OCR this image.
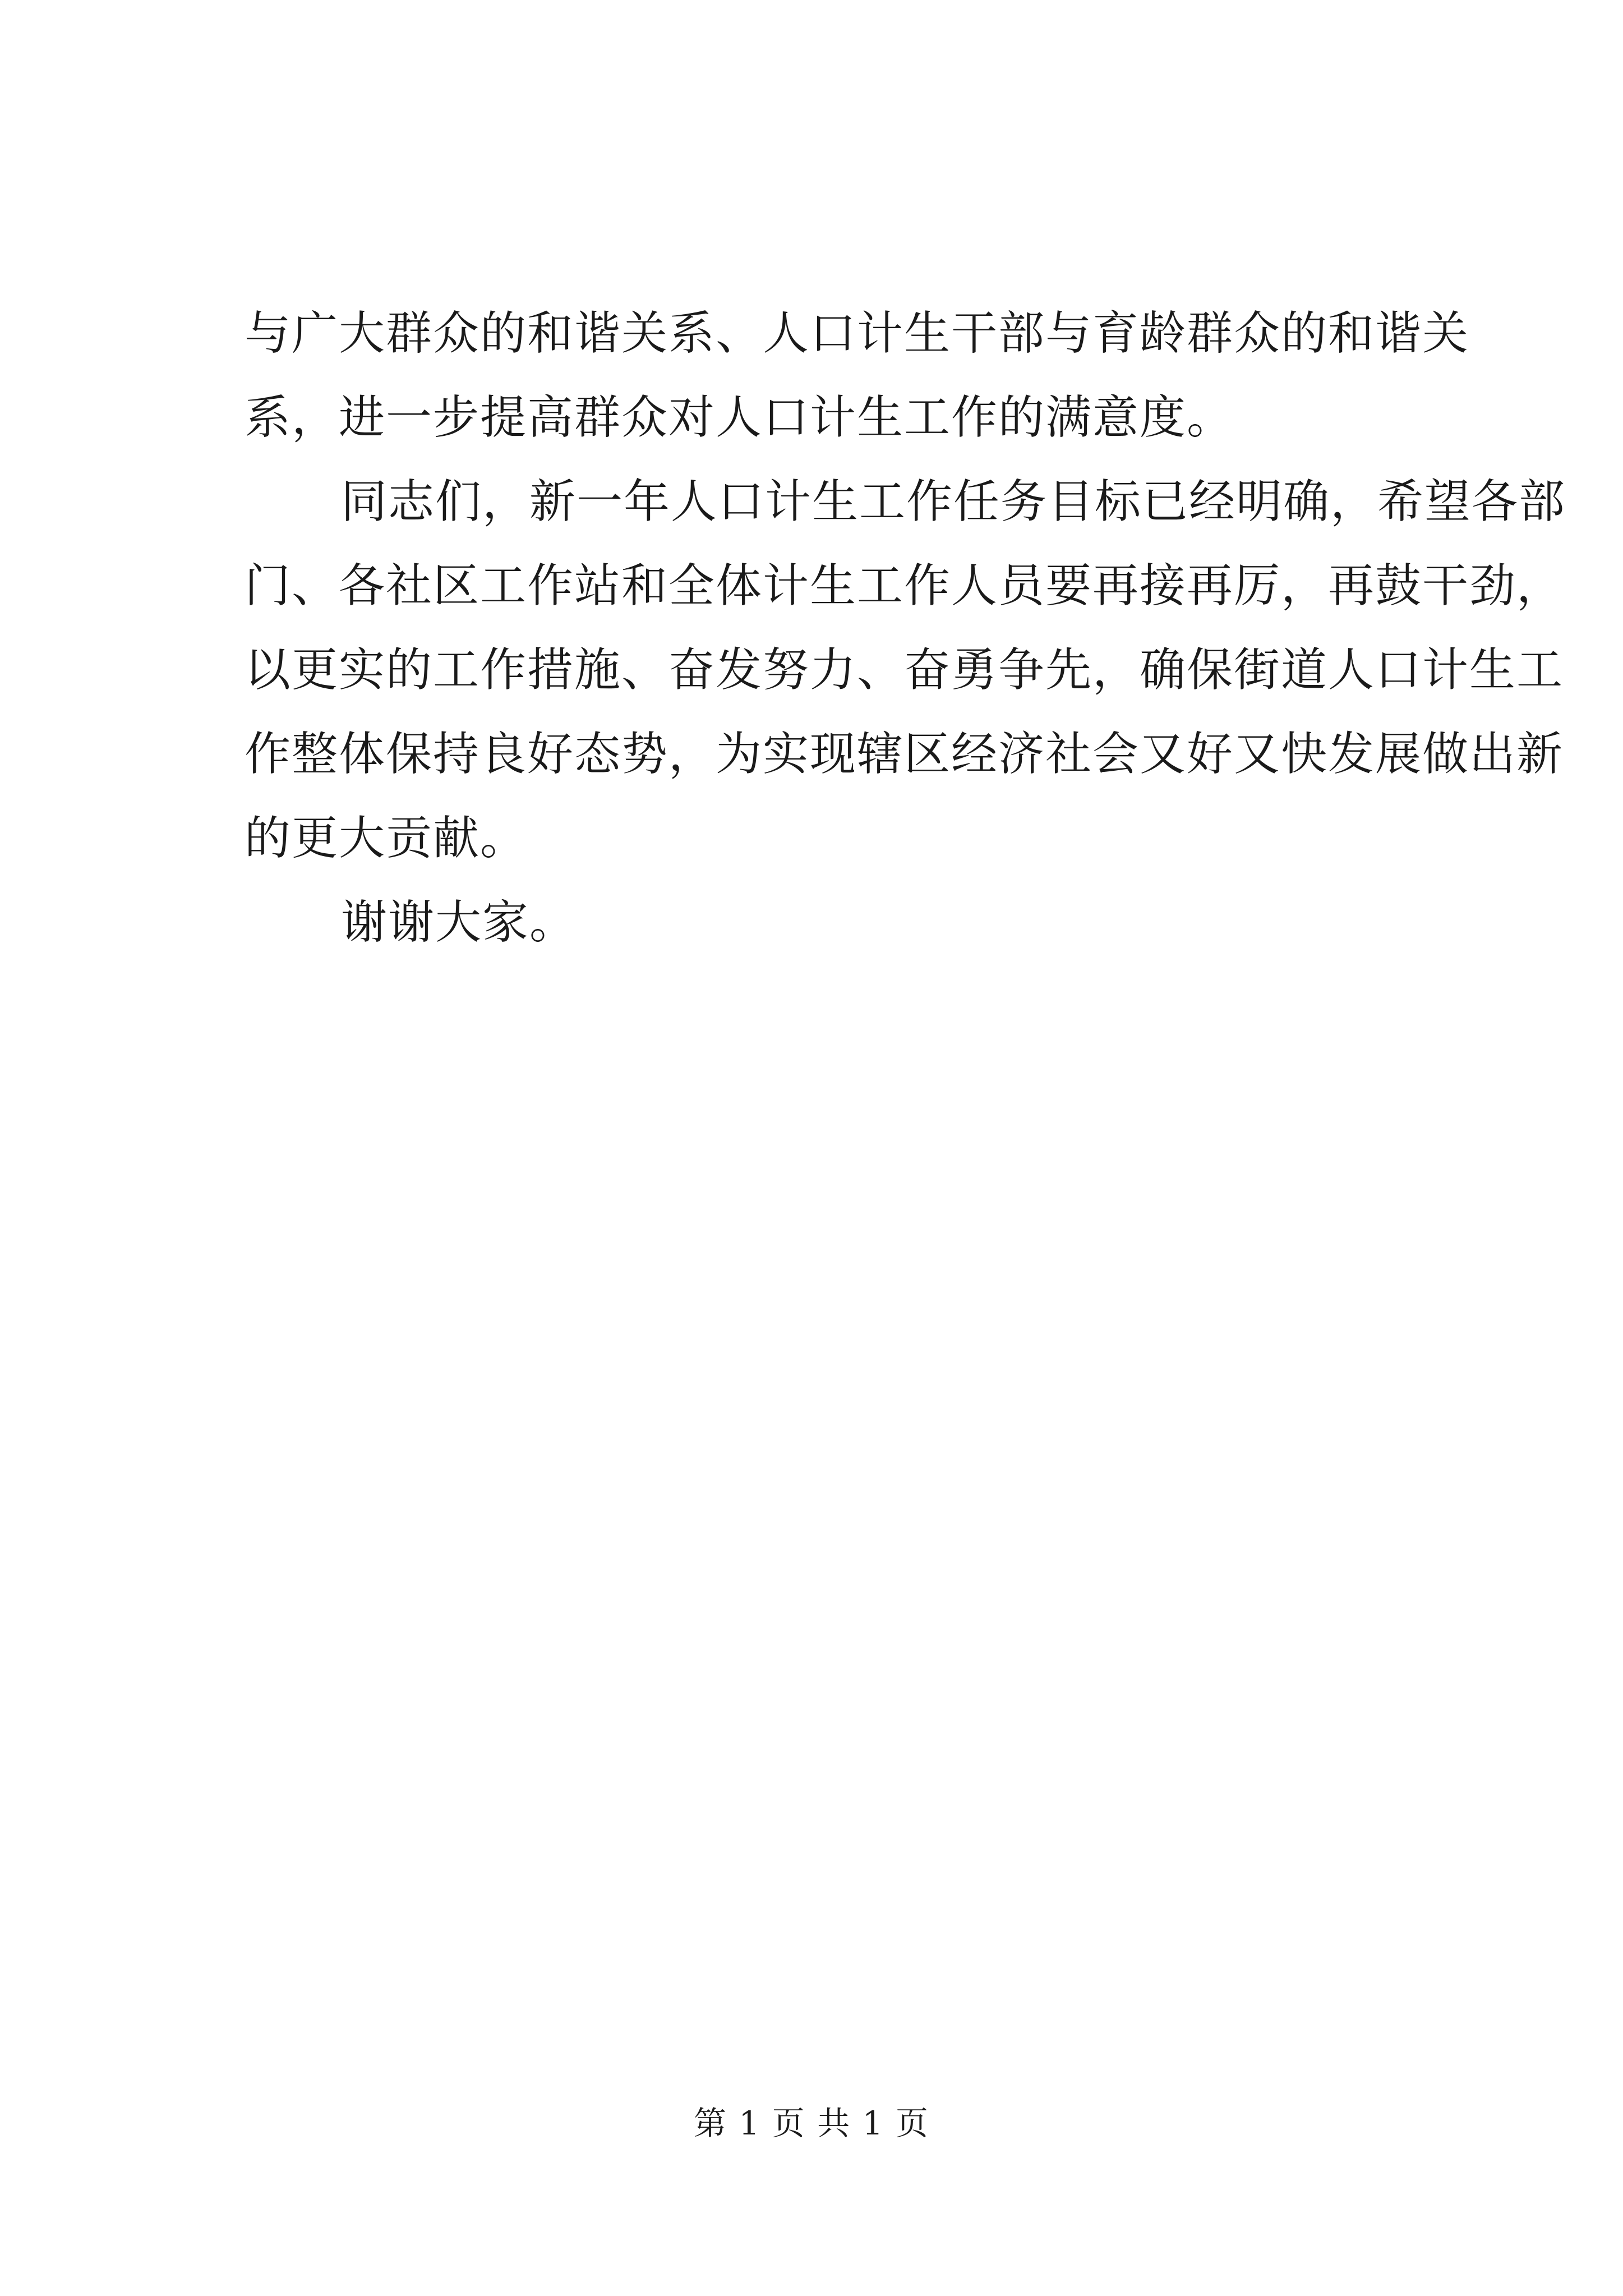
与广大群众的和谐关系、人口计生干部与育龄群众的和谐关
系，进一步提高群众对人口计生工作的满意度。
同志们，新一年人口计生工作任务目标已经明确，希望各部
门、各社区工作站和全体计生工作人员要再接再厉，再鼓干劲，
以更实的工作措施、奋发努力、奋勇争先，确保街道人口计生工
作整体保持良好态势，为实现辖区经济社会又好又快发展做出新
的更大贡献。
谢谢大家。
第 1 页 共 1 页
